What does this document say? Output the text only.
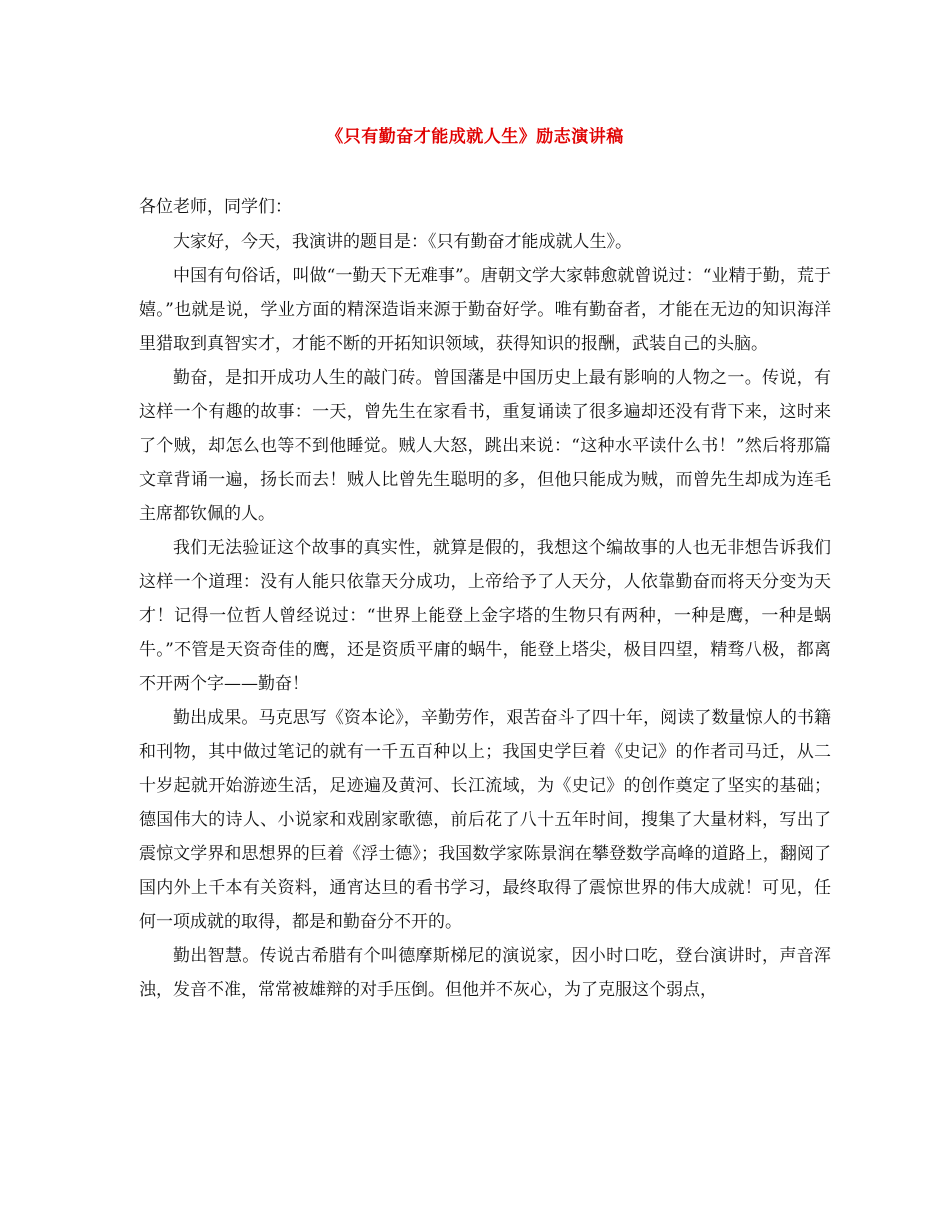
《只有勤奋才能成就人生》励志演讲稿

各位老师，同学们：

大家好，今天，我演讲的题目是：《只有勤奋才能成就人生》。

中国有句俗话，叫做“一勤天下无难事”。唐朝文学大家韩愈就曾说过：“业精于勤，荒于嬉。”也就是说，学业方面的精深造诣来源于勤奋好学。唯有勤奋者，才能在无边的知识海洋里猎取到真智实才，才能不断的开拓知识领域，获得知识的报酬，武装自己的头脑。

勤奋，是扣开成功人生的敲门砖。曾国藩是中国历史上最有影响的人物之一。传说，有这样一个有趣的故事：一天，曾先生在家看书，重复诵读了很多遍却还没有背下来，这时来了个贼，却怎么也等不到他睡觉。贼人大怒，跳出来说：“这种水平读什么书！”然后将那篇文章背诵一遍，扬长而去！贼人比曾先生聪明的多，但他只能成为贼，而曾先生却成为连毛主席都钦佩的人。

我们无法验证这个故事的真实性，就算是假的，我想这个编故事的人也无非想告诉我们这样一个道理：没有人能只依靠天分成功，上帝给予了人天分，人依靠勤奋而将天分变为天才！记得一位哲人曾经说过：“世界上能登上金字塔的生物只有两种，一种是鹰，一种是蜗牛。”不管是天资奇佳的鹰，还是资质平庸的蜗牛，能登上塔尖，极目四望，精骛八极，都离不开两个字——勤奋！

勤出成果。马克思写《资本论》，辛勤劳作，艰苦奋斗了四十年，阅读了数量惊人的书籍和刊物，其中做过笔记的就有一千五百种以上；我国史学巨着《史记》的作者司马迁，从二十岁起就开始游迹生活，足迹遍及黄河、长江流域，为《史记》的创作奠定了坚实的基础；德国伟大的诗人、小说家和戏剧家歌德，前后花了八十五年时间，搜集了大量材料，写出了震惊文学界和思想界的巨着《浮士德》；我国数学家陈景润在攀登数学高峰的道路上，翻阅了国内外上千本有关资料，通宵达旦的看书学习，最终取得了震惊世界的伟大成就！可见，任何一项成就的取得，都是和勤奋分不开的。

勤出智慧。传说古希腊有个叫德摩斯梯尼的演说家，因小时口吃，登台演讲时，声音浑浊，发音不准，常常被雄辩的对手压倒。但他并不灰心，为了克服这个弱点，
